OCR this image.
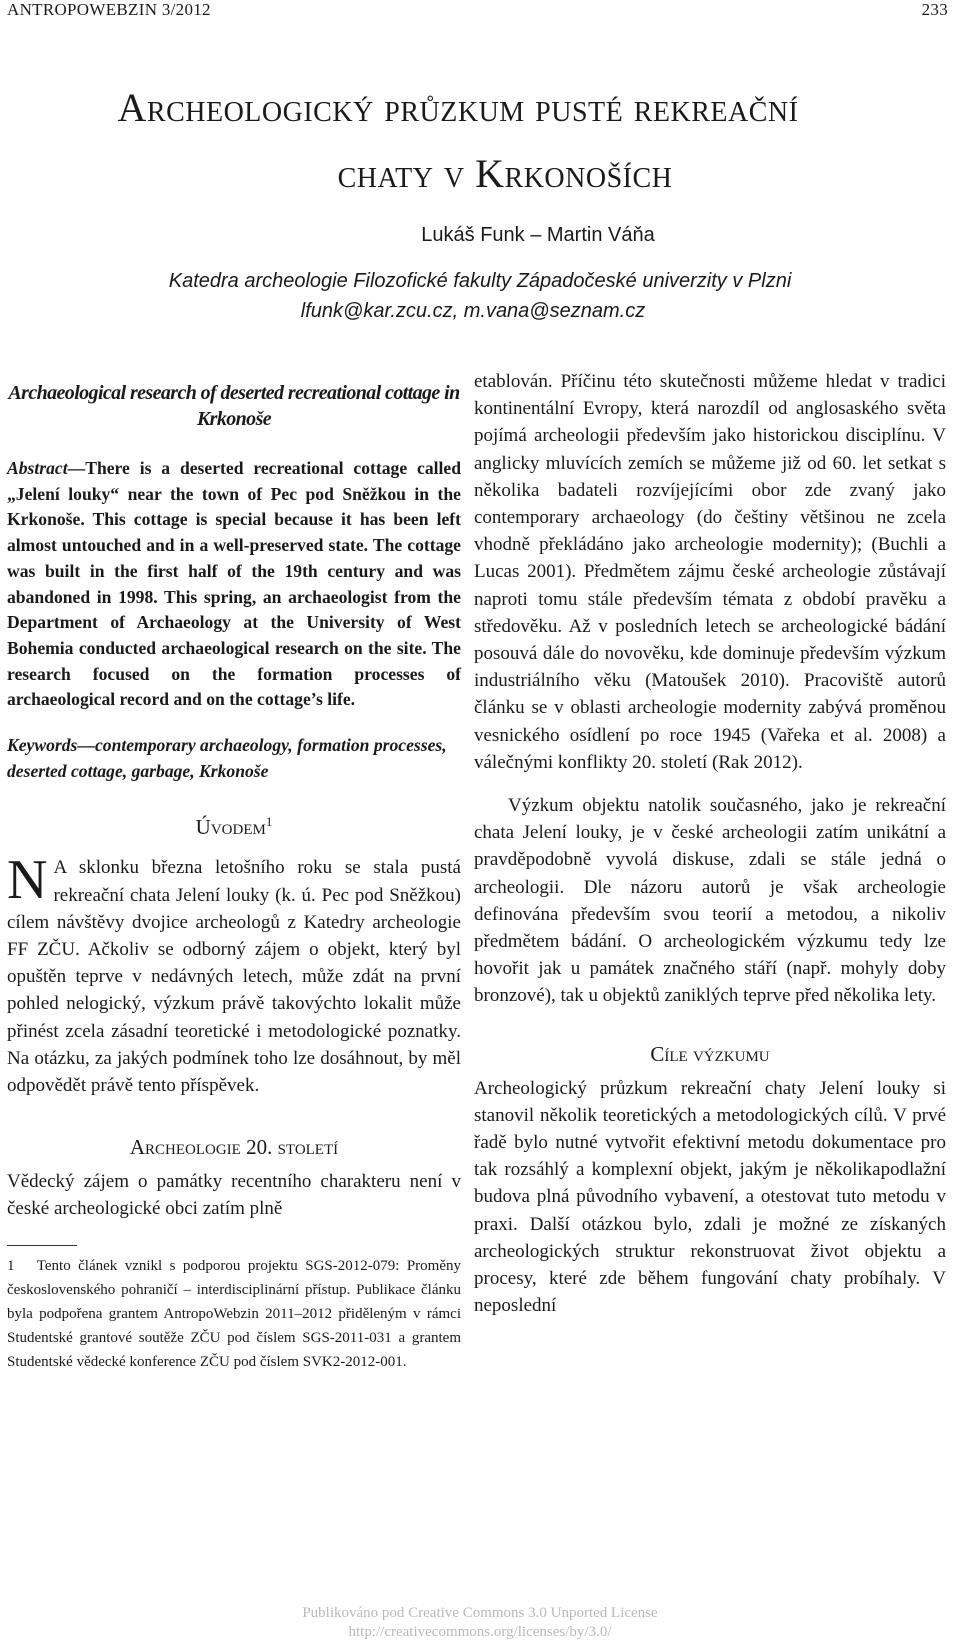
ANTROPOWEBZIN 3/2012	233
Archeologický průzkum pusté rekreační
chaty v Krkonoších
Lukáš Funk – Martin Váňa
Katedra archeologie Filozofické fakulty Západočeské univerzity v Plzni
lfunk@kar.zcu.cz, m.vana@seznam.cz

Archaeological research of deserted recreational cottage in Krkonoše

Abstract—There is a deserted recreational cottage called „Jelení louky“ near the town of Pec pod Sněžkou in the Krkonoše. This cottage is special because it has been left almost untouched and in a well-preserved state. The cottage was built in the first half of the 19th century and was abandoned in 1998. This spring, an archaeologist from the Department of Archaeology at the University of West Bohemia conducted archaeological research on the site. The research focused on the formation processes of archaeological record and on the cottage’s life.

Keywords—contemporary archaeology, formation processes, deserted cottage, garbage, Krkonoše

Úvodem$^1$

N A sklonku března letošního roku se stala pustá rekreační chata Jelení louky (k. ú. Pec pod Sněžkou) cílem návštěvy dvojice archeologů z Katedry archeologie FF ZČU. Ačkoliv se odborný zájem o objekt, který byl opuštěn teprve v nedávných letech, může zdát na první pohled nelogický, výzkum právě takovýchto lokalit může přinést zcela zásadní teoretické i metodologické poznatky. Na otázku, za jakých podmínek toho lze dosáhnout, by měl odpovědět právě tento příspěvek.

Archeologie 20. století

Vědecký zájem o památky recentního charakteru není v české archeologické obci zatím plně

1 Tento článek vznikl s podporou projektu SGS-2012-079: Proměny československého pohraničí – interdisciplinární přístup. Publikace článku byla podpořena grantem AntropoWebzin 2011–2012 přiděleným v rámci Studentské grantové soutěže ZČU pod číslem SGS-2011-031 a grantem Studentské vědecké konference ZČU pod číslem SVK2-2012-001.

etablován. Příčinu této skutečnosti můžeme hledat v tradici kontinentální Evropy, která narozdíl od anglosaského světa pojímá archeologii především jako historickou disciplínu. V anglicky mluvících zemích se můžeme již od 60. let setkat s několika badateli rozvíjejícími obor zde zvaný jako contemporary archaeology (do češtiny většinou ne zcela vhodně překládáno jako archeologie modernity); (Buchli a Lucas 2001). Předmětem zájmu české archeologie zůstávají naproti tomu stále především témata z období pravěku a středověku. Až v posledních letech se archeologické bádání posouvá dále do novověku, kde dominuje především výzkum industriálního věku (Matoušek 2010). Pracoviště autorů článku se v oblasti archeologie modernity zabývá proměnou vesnického osídlení po roce 1945 (Vařeka et al. 2008) a válečnými konflikty 20. století (Rak 2012).

Výzkum objektu natolik současného, jako je rekreační chata Jelení louky, je v české archeologii zatím unikátní a pravděpodobně vyvolá diskuse, zdali se stále jedná o archeologii. Dle názoru autorů je však archeologie definována především svou teorií a metodou, a nikoliv předmětem bádání. O archeologickém výzkumu tedy lze hovořit jak u památek značného stáří (např. mohyly doby bronzové), tak u objektů zaniklých teprve před několika lety.

Cíle výzkumu

Archeologický průzkum rekreační chaty Jelení louky si stanovil několik teoretických a metodologických cílů. V prvé řadě bylo nutné vytvořit efektivní metodu dokumentace pro tak rozsáhlý a komplexní objekt, jakým je několikapodlažní budova plná původního vybavení, a otestovat tuto metodu v praxi. Další otázkou bylo, zdali je možné ze získaných archeologických struktur rekonstruovat život objektu a procesy, které zde během fungování chaty probíhaly. V neposlední

Publikováno pod Creative Commons 3.0 Unported License
http://creativecommons.org/licenses/by/3.0/
